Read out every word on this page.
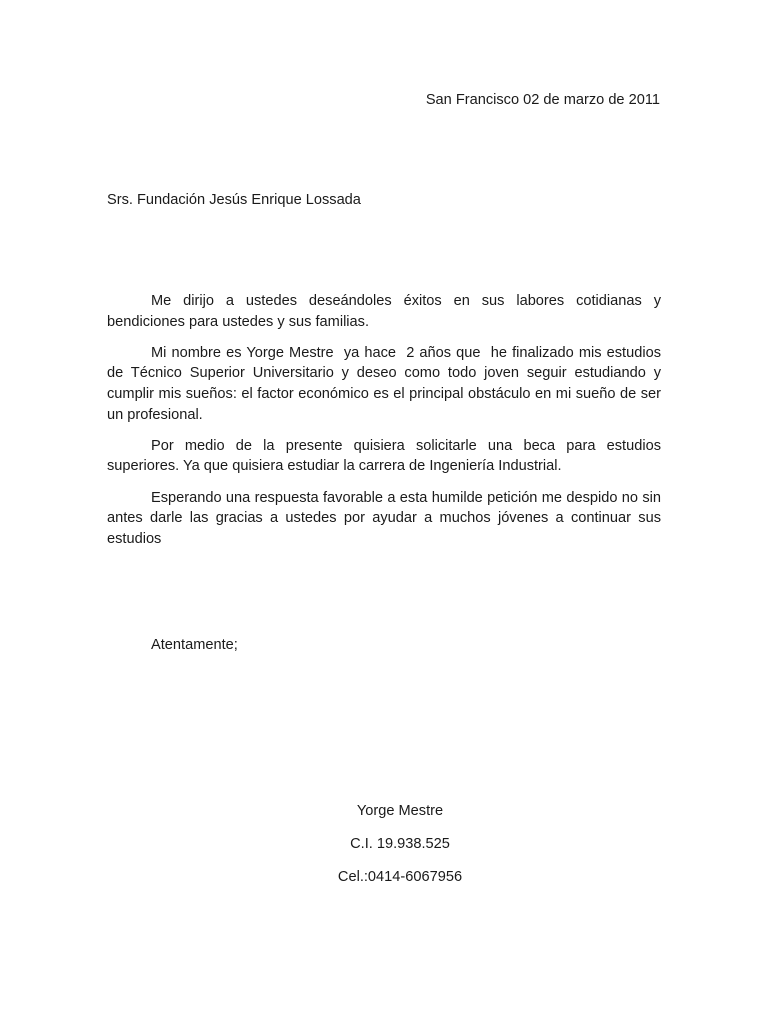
San Francisco 02 de marzo de 2011
Srs. Fundación Jesús Enrique Lossada

Me dirijo a ustedes deseándoles éxitos en sus labores cotidianas y bendiciones para ustedes y sus familias.

Mi nombre es Yorge Mestre  ya hace  2 años que  he finalizado mis estudios de Técnico Superior Universitario y deseo como todo joven seguir estudiando y cumplir mis sueños: el factor económico es el principal obstáculo en mi sueño de ser un profesional.

Por medio de la presente quisiera solicitarle una beca para estudios superiores. Ya que quisiera estudiar la carrera de Ingeniería Industrial.

Esperando una respuesta favorable a esta humilde petición me despido no sin antes darle las gracias a ustedes por ayudar a muchos jóvenes a continuar sus estudios

Atentamente;
Yorge Mestre
C.I. 19.938.525
Cel.:0414-6067956
